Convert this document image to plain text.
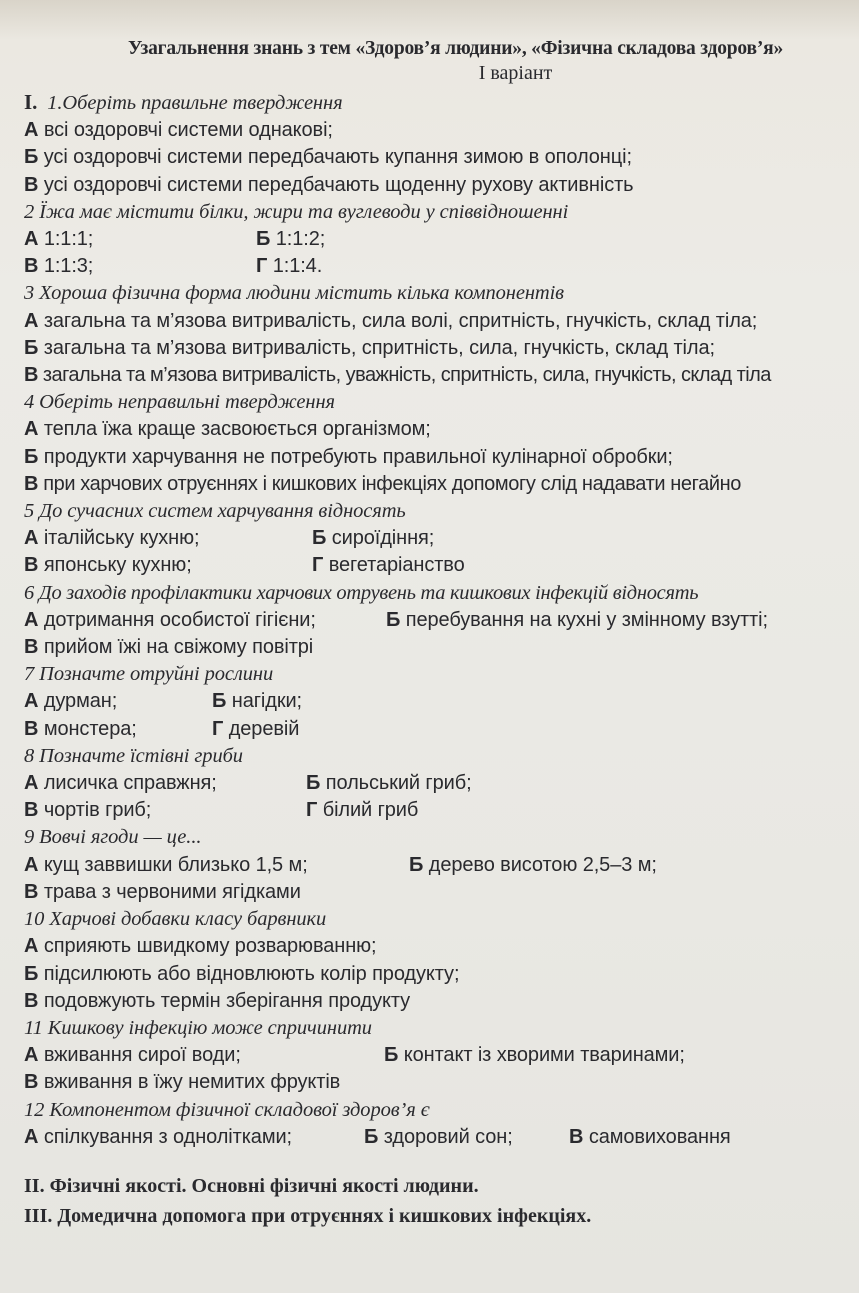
Узагальнення знань з тем «Здоров’я людини», «Фізична складова здоров’я»
І варіант
І. 1.Оберіть правильне твердження
А всі оздоровчі системи однакові;
Б усі оздоровчі системи передбачають купання зимою в ополонці;
В усі оздоровчі системи передбачають щоденну рухову активність
2 Їжа має містити білки, жири та вуглеводи у співвідношенні
А 1:1:1;	Б 1:1:2;
В 1:1:3;	Г 1:1:4.
3 Хороша фізична форма людини містить кілька компонентів
А загальна та м’язова витривалість, сила волі, спритність, гнучкість, склад тіла;
Б загальна та м’язова витривалість, спритність, сила, гнучкість, склад тіла;
В загальна та м’язова витривалість, уважність, спритність, сила, гнучкість, склад тіла
4 Оберіть неправильні твердження
А тепла їжа краще засвоюється організмом;
Б продукти харчування не потребують правильної кулінарної обробки;
В при харчових отруєннях і кишкових інфекціях допомогу слід надавати негайно
5 До сучасних систем харчування відносять
А італійську кухню;	Б сироїдіння;
В японську кухню;	Г вегетаріанство
6 До заходів профілактики харчових отрувень та кишкових інфекцій відносять
А дотримання особистої гігієни;	Б перебування на кухні у змінному взутті;
В прийом їжі на свіжому повітрі
7 Позначте отруйні рослини
А дурман;	Б нагідки;
В монстера;	Г деревій
8 Позначте їстівні гриби
А лисичка справжня;	Б польський гриб;
В чортів гриб;	Г білий гриб
9 Вовчі ягоди — це...
А кущ заввишки близько 1,5 м;	Б дерево висотою 2,5–3 м;
В трава з червоними ягідками
10 Харчові добавки класу барвники
А сприяють швидкому розварюванню;
Б підсилюють або відновлюють колір продукту;
В подовжують термін зберігання продукту
11 Кишкову інфекцію може спричинити
А вживання сирої води;	Б контакт із хворими тваринами;
В вживання в їжу немитих фруктів
12 Компонентом фізичної складової здоров’я є
А спілкування з однолітками;	Б здоровий сон;	В самовиховання
ІІ. Фізичні якості. Основні фізичні якості людини.
ІІІ. Домедична допомога при отруєннях і кишкових інфекціях.
